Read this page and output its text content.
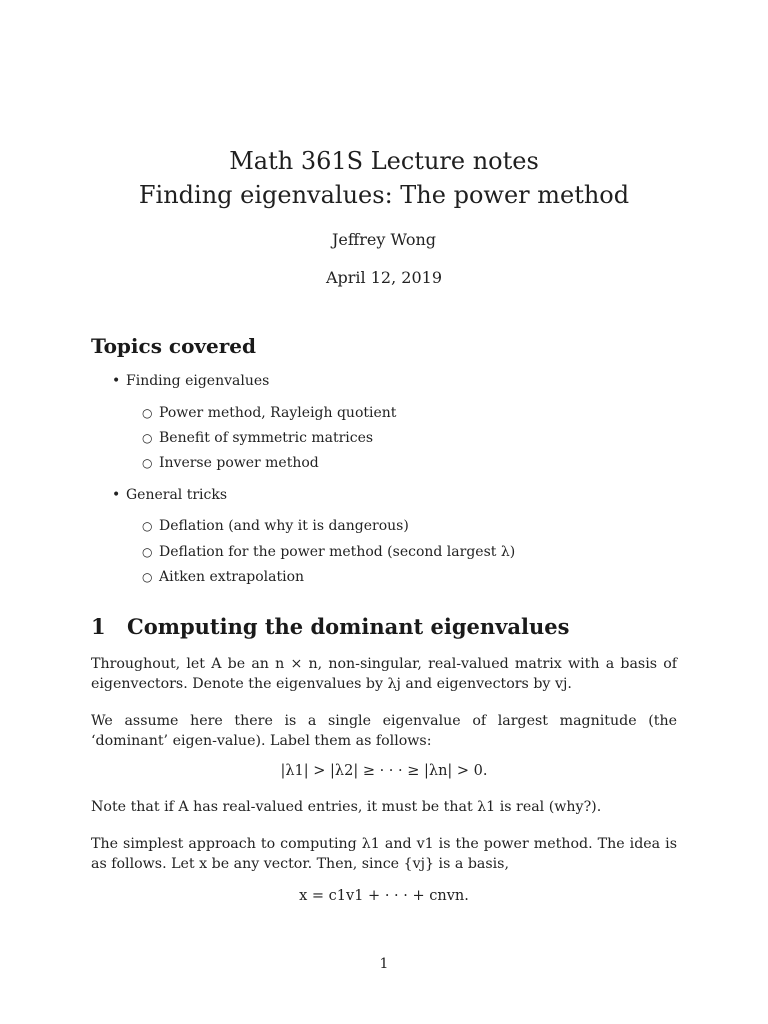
Math 361S Lecture notes
Finding eigenvalues: The power method
Jeffrey Wong
April 12, 2019
Topics covered
• Finding eigenvalues
○ Power method, Rayleigh quotient
○ Benefit of symmetric matrices
○ Inverse power method
• General tricks
○ Deflation (and why it is dangerous)
○ Deflation for the power method (second largest λ)
○ Aitken extrapolation
1 Computing the dominant eigenvalues
Throughout, let A be an n × n, non-singular, real-valued matrix with a basis of eigenvectors. Denote the eigenvalues by λj and eigenvectors by vj.
We assume here there is a single eigenvalue of largest magnitude (the ‘dominant’ eigen-value). Label them as follows:
|λ1| > |λ2| ≥ · · · ≥ |λn| > 0.
Note that if A has real-valued entries, it must be that λ1 is real (why?).
The simplest approach to computing λ1 and v1 is the power method. The idea is as follows. Let x be any vector. Then, since {vj} is a basis,
x = c1v1 + · · · + cnvn.
1
